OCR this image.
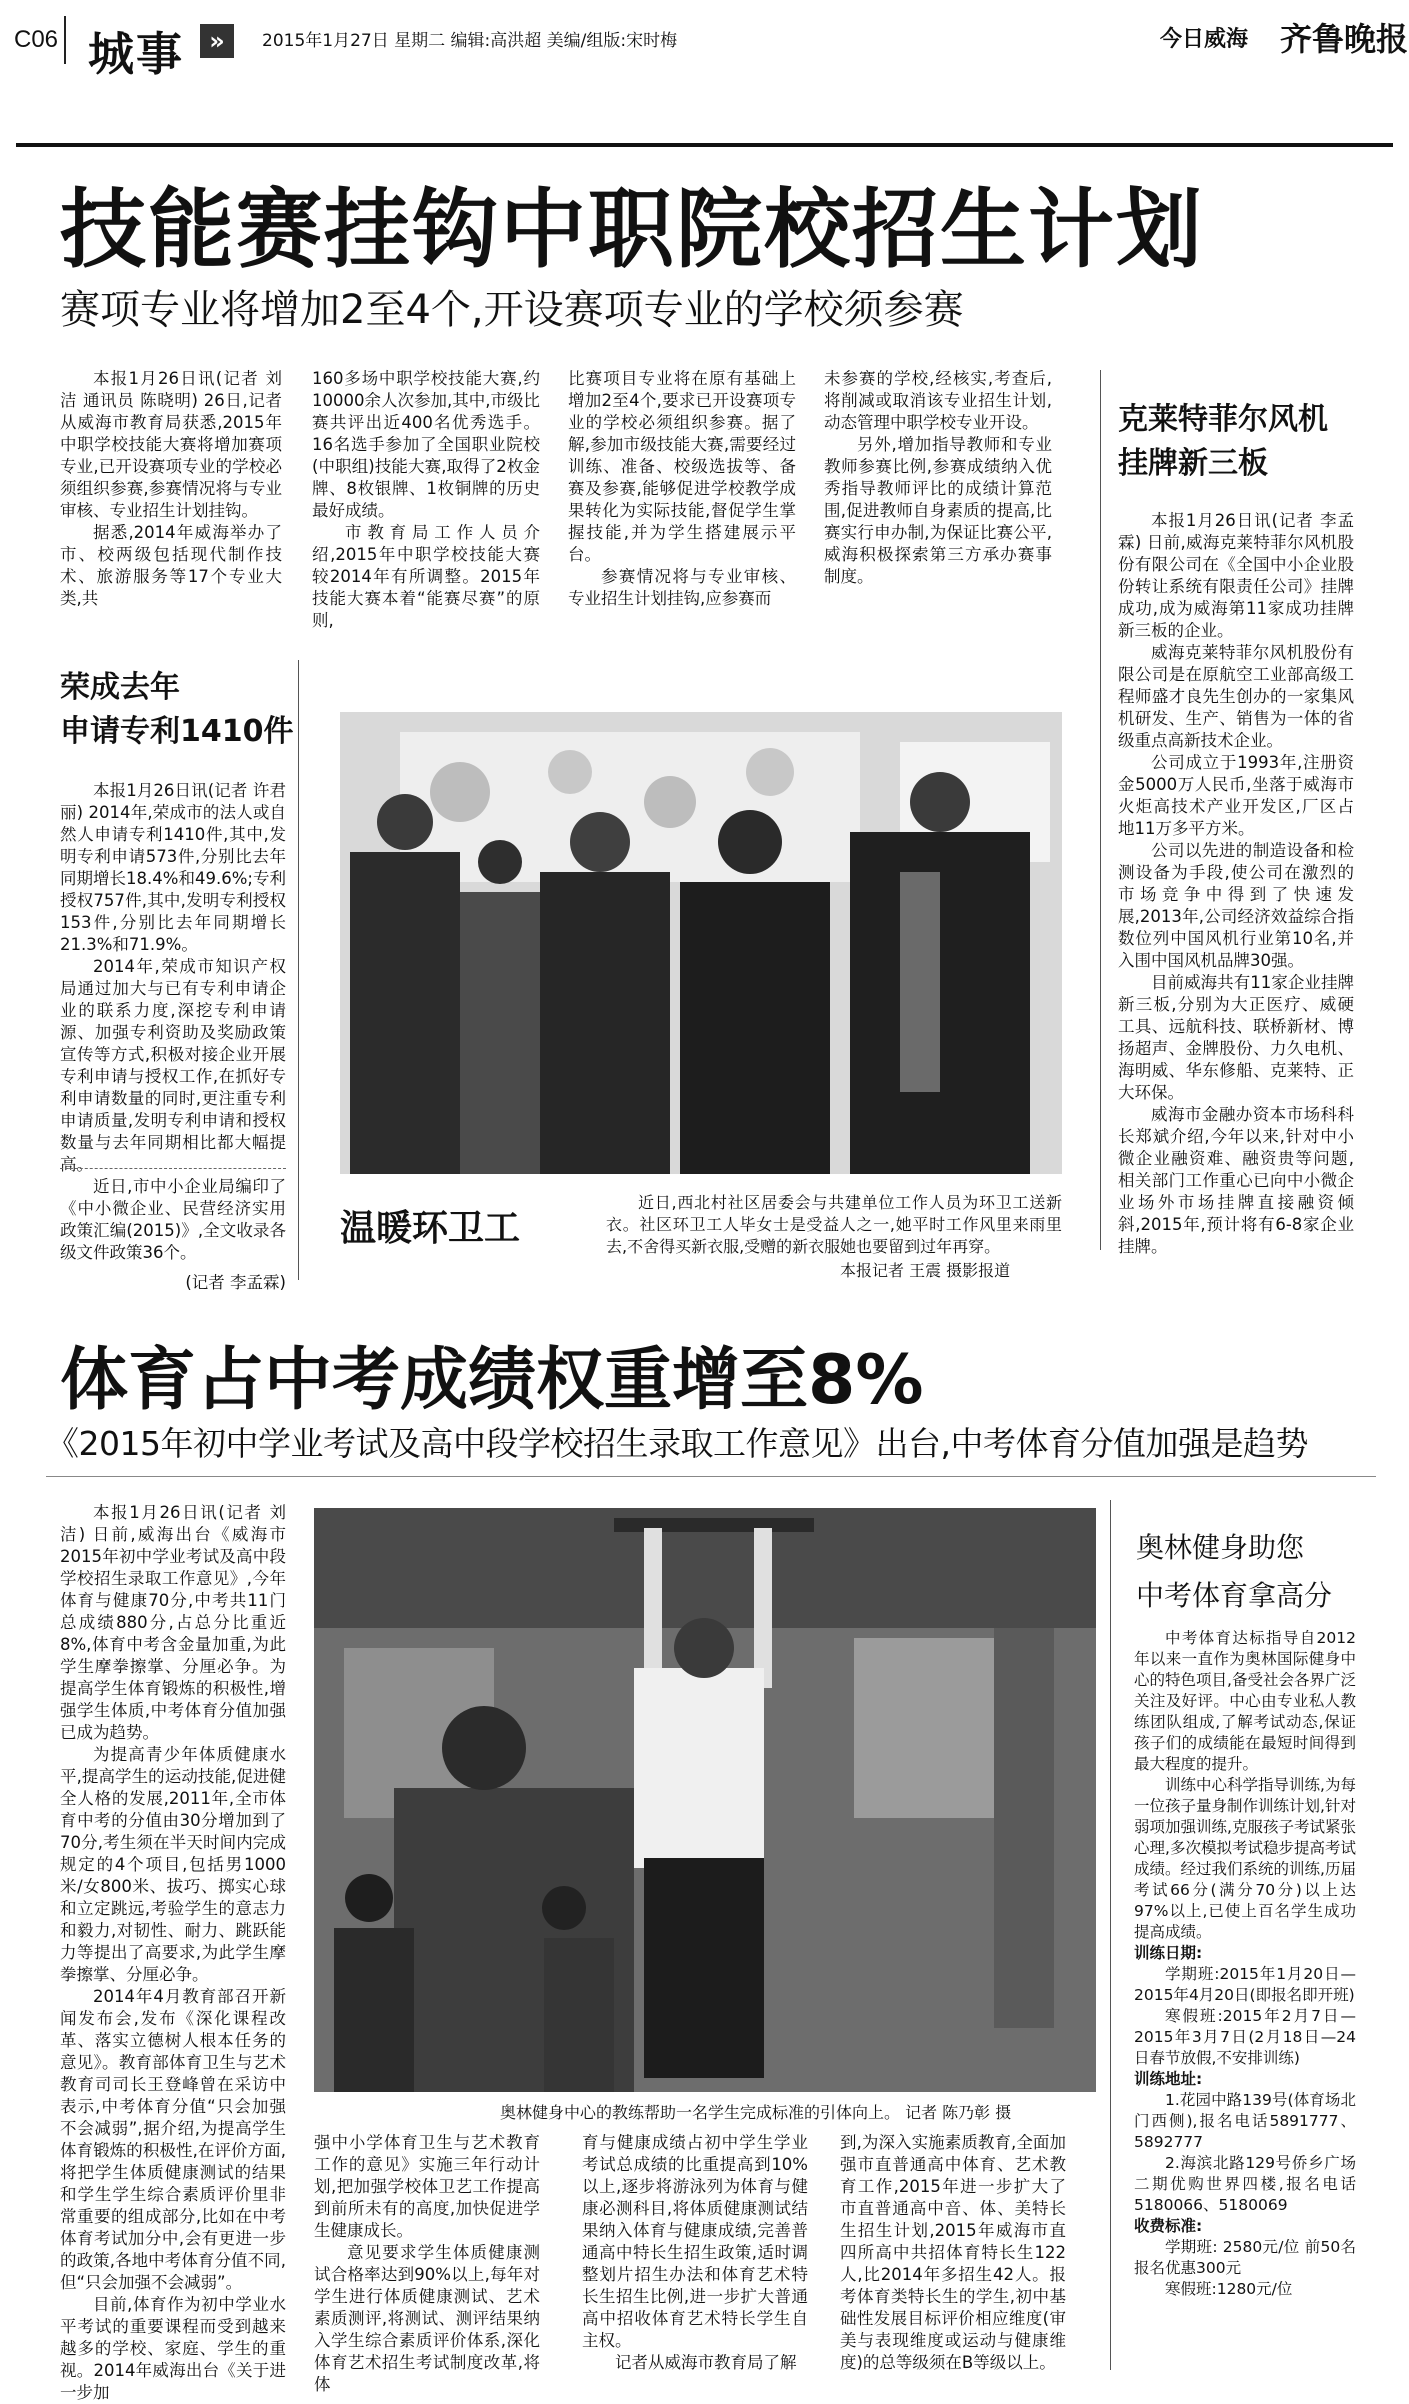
C06 城事	»	2015年1月27日 星期二 编辑:高洪超 美编/组版:宋时梅	今日威海 齐鲁晚报
技能赛挂钩中职院校招生计划
赛项专业将增加2至4个,开设赛项专业的学校须参赛

本报1月26日讯(记者 刘洁 通讯员 陈晓明) 26日,记者从威海市教育局获悉,2015年中职学校技能大赛将增加赛项专业,已开设赛项专业的学校必须组织参赛,参赛情况将与专业审核、专业招生计划挂钩。

据悉,2014年威海举办了市、校两级包括现代制作技术、旅游服务等17个专业大类,共

160多场中职学校技能大赛,约10000余人次参加,其中,市级比赛共评出近400名优秀选手。16名选手参加了全国职业院校(中职组)技能大赛,取得了2枚金牌、8枚银牌、1枚铜牌的历史最好成绩。

市教育局工作人员介绍,2015年中职学校技能大赛较2014年有所调整。2015年技能大赛本着“能赛尽赛”的原则,

比赛项目专业将在原有基础上增加2至4个,要求已开设赛项专业的学校必须组织参赛。据了解,参加市级技能大赛,需要经过训练、准备、校级选拔等、备赛及参赛,能够促进学校教学成果转化为实际技能,督促学生掌握技能,并为学生搭建展示平台。

参赛情况将与专业审核、专业招生计划挂钩,应参赛而

未参赛的学校,经核实,考查后,将削减或取消该专业招生计划,动态管理中职学校专业开设。

另外,增加指导教师和专业教师参赛比例,参赛成绩纳入优秀指导教师评比的成绩计算范围,促进教师自身素质的提高,比赛实行申办制,为保证比赛公平,威海积极探索第三方承办赛事制度。

克莱特菲尔风机
挂牌新三板

本报1月26日讯(记者 李孟霖) 日前,威海克莱特菲尔风机股份有限公司在《全国中小企业股份转让系统有限责任公司》挂牌成功,成为威海第11家成功挂牌新三板的企业。

威海克莱特菲尔风机股份有限公司是在原航空工业部高级工程师盛才良先生创办的一家集风机研发、生产、销售为一体的省级重点高新技术企业。

公司成立于1993年,注册资金5000万人民币,坐落于威海市火炬高技术产业开发区,厂区占地11万多平方米。

公司以先进的制造设备和检测设备为手段,使公司在激烈的市场竞争中得到了快速发展,2013年,公司经济效益综合指数位列中国风机行业第10名,并入围中国风机品牌30强。

目前威海共有11家企业挂牌新三板,分别为大正医疗、威硬工具、远航科技、联桥新材、博扬超声、金牌股份、力久电机、海明威、华东修船、克莱特、正大环保。

威海市金融办资本市场科科长郑斌介绍,今年以来,针对中小微企业融资难、融资贵等问题,相关部门工作重心已向中小微企业场外市场挂牌直接融资倾斜,2015年,预计将有6-8家企业挂牌。

荣成去年
申请专利1410件

本报1月26日讯(记者 许君丽) 2014年,荣成市的法人或自然人申请专利1410件,其中,发明专利申请573件,分别比去年同期增长18.4%和49.6%;专利授权757件,其中,发明专利授权153件,分别比去年同期增长21.3%和71.9%。

2014年,荣成市知识产权局通过加大与已有专利申请企业的联系力度,深挖专利申请源、加强专利资助及奖励政策宣传等方式,积极对接企业开展专利申请与授权工作,在抓好专利申请数量的同时,更注重专利申请质量,发明专利申请和授权数量与去年同期相比都大幅提高。

近日,市中小企业局编印了《中小微企业、民营经济实用政策汇编(2015)》,全文收录各级文件政策36个。

(记者 李孟霖)
温暖环卫工
近日,西北村社区居委会与共建单位工作人员为环卫工送新衣。社区环卫工人毕女士是受益人之一,她平时工作风里来雨里去,不舍得买新衣服,受赠的新衣服她也要留到过年再穿。
本报记者 王震 摄影报道
体育占中考成绩权重增至8%
《2015年初中学业考试及高中段学校招生录取工作意见》出台,中考体育分值加强是趋势

本报1月26日讯(记者 刘洁) 日前,威海出台《威海市2015年初中学业考试及高中段学校招生录取工作意见》,今年体育与健康70分,中考共11门总成绩880分,占总分比重近8%,体育中考含金量加重,为此学生摩拳擦掌、分厘必争。为提高学生体育锻炼的积极性,增强学生体质,中考体育分值加强已成为趋势。

为提高青少年体质健康水平,提高学生的运动技能,促进健全人格的发展,2011年,全市体育中考的分值由30分增加到了70分,考生须在半天时间内完成规定的4个项目,包括男1000米/女800米、拔巧、掷实心球和立定跳远,考验学生的意志力和毅力,对韧性、耐力、跳跃能力等提出了高要求,为此学生摩拳擦掌、分厘必争。

2014年4月教育部召开新闻发布会,发布《深化课程改革、落实立德树人根本任务的意见》。教育部体育卫生与艺术教育司司长王登峰曾在采访中表示,中考体育分值“只会加强不会减弱”,据介绍,为提高学生体育锻炼的积极性,在评价方面,将把学生体质健康测试的结果和学生学生综合素质评价里非常重要的组成部分,比如在中考体育考试加分中,会有更进一步的政策,各地中考体育分值不同,但“只会加强不会减弱”。

目前,体育作为初中学业水平考试的重要课程而受到越来越多的学校、家庭、学生的重视。2014年威海出台《关于进一步加

奥林健身中心的教练帮助一名学生完成标准的引体向上。 记者 陈乃彰 摄

强中小学体育卫生与艺术教育工作的意见》实施三年行动计划,把加强学校体卫艺工作提高到前所未有的高度,加快促进学生健康成长。

意见要求学生体质健康测试合格率达到90%以上,每年对学生进行体质健康测试、艺术素质测评,将测试、测评结果纳入学生综合素质评价体系,深化体育艺术招生考试制度改革,将体

育与健康成绩占初中学生学业考试总成绩的比重提高到10%以上,逐步将游泳列为体育与健康必测科目,将体质健康测试结果纳入体育与健康成绩,完善普通高中特长生招生政策,适时调整划片招生办法和体育艺术特长生招生比例,进一步扩大普通高中招收体育艺术特长学生自主权。

记者从威海市教育局了解

到,为深入实施素质教育,全面加强市直普通高中体育、艺术教育工作,2015年进一步扩大了市直普通高中音、体、美特长生招生计划,2015年威海市直四所高中共招体育特长生122人,比2014年多招生42人。报考体育类特长生的学生,初中基础性发展目标评价相应维度(审美与表现维度或运动与健康维度)的总等级须在B等级以上。

奥林健身助您
中考体育拿高分

中考体育达标指导自2012年以来一直作为奥林国际健身中心的特色项目,备受社会各界广泛关注及好评。中心由专业私人教练团队组成,了解考试动态,保证孩子们的成绩能在最短时间得到最大程度的提升。

训练中心科学指导训练,为每一位孩子量身制作训练计划,针对弱项加强训练,克服孩子考试紧张心理,多次模拟考试稳步提高考试成绩。经过我们系统的训练,历届考试66分(满分70分)以上达97%以上,已使上百名学生成功提高成绩。

训练日期:

学期班:2015年1月20日—2015年4月20日(即报名即开班)

寒假班:2015年2月7日—2015年3月7日(2月18日—24日春节放假,不安排训练)

训练地址:

1.花园中路139号(体育场北门西侧),报名电话5891777、5892777

2.海滨北路129号侨乡广场二期优购世界四楼,报名电话5180066、5180069

收费标准:

学期班: 2580元/位 前50名报名优惠300元

寒假班:1280元/位
